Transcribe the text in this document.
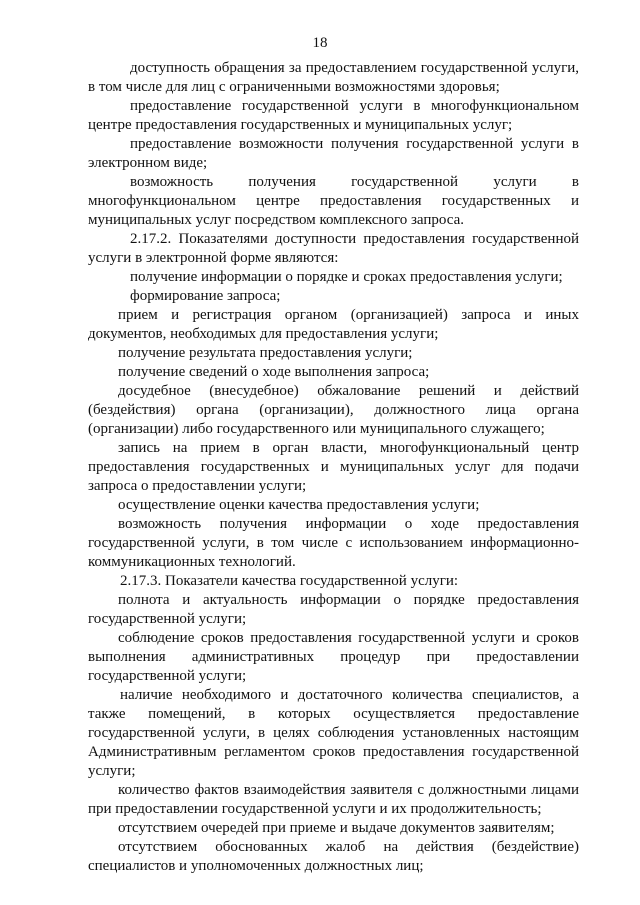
18

доступность обращения за предоставлением государственной услуги, в том числе для лиц с ограниченными возможностями здоровья;

предоставление государственной услуги в многофункциональном центре предоставления государственных и муниципальных услуг;

предоставление возможности получения государственной услуги в электронном виде;

возможность получения государственной услуги в многофункциональном центре предоставления государственных и муниципальных услуг посредством комплексного запроса.

2.17.2. Показателями доступности предоставления государственной услуги в электронной форме являются:

получение информации о порядке и сроках предоставления услуги;

формирование запроса;

прием и регистрация органом (организацией) запроса и иных документов, необходимых для предоставления услуги;

получение результата предоставления услуги;

получение сведений о ходе выполнения запроса;

досудебное (внесудебное) обжалование решений и действий (бездействия) органа (организации), должностного лица органа (организации) либо государственного или муниципального служащего;

запись на прием в орган власти, многофункциональный центр предоставления государственных и муниципальных услуг для подачи запроса о предоставлении услуги;

осуществление оценки качества предоставления услуги;

возможность получения информации о ходе предоставления государственной услуги, в том числе с использованием информационно-коммуникационных технологий.

2.17.3. Показатели качества государственной услуги:

полнота и актуальность информации о порядке предоставления государственной услуги;

соблюдение сроков предоставления государственной услуги и сроков выполнения административных процедур при предоставлении государственной услуги;

наличие необходимого и достаточного количества специалистов, а также помещений, в которых осуществляется предоставление государственной услуги, в целях соблюдения установленных настоящим Административным регламентом сроков предоставления государственной услуги;

количество фактов взаимодействия заявителя с должностными лицами при предоставлении государственной услуги и их продолжительность;

отсутствием очередей при приеме и выдаче документов заявителям;

отсутствием обоснованных жалоб на действия (бездействие) специалистов и уполномоченных должностных лиц;
